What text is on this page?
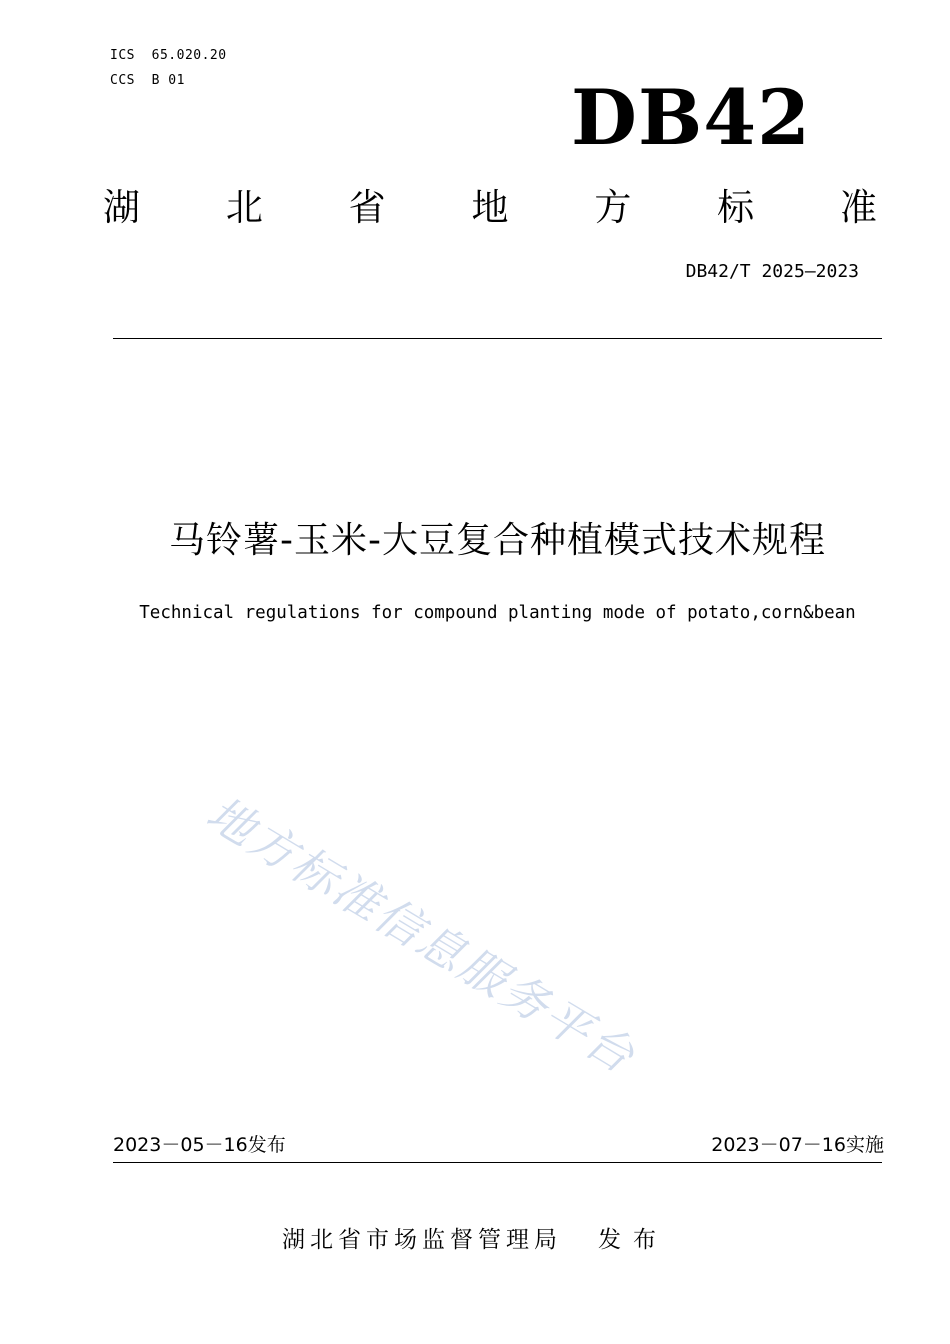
ICS  65.020.20
CCS  B 01	DB42
湖 北 省 地 方 标 准
DB42/T 2025—2023
马铃薯-玉米-大豆复合种植模式技术规程
Technical regulations for compound planting mode of potato,corn&bean
地方标准信息服务平台
2023－05－16发布	2023－07－16实施
湖北省市场监督管理局 发布
